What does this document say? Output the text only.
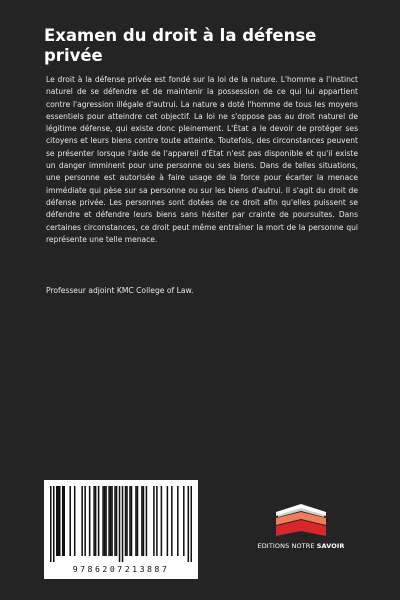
Examen du droit à la défense privée

Le droit à la défense privée est fondé sur la loi de la nature. L'homme a l'instinct naturel de se défendre et de maintenir la possession de ce qui lui appartient contre l'agression illégale d'autrui. La nature a doté l'homme de tous les moyens essentiels pour atteindre cet objectif. La loi ne s'oppose pas au droit naturel de légitime défense, qui existe donc pleinement. L'État a le devoir de protéger ses citoyens et leurs biens contre toute atteinte. Toutefois, des circonstances peuvent se présenter lorsque l'aide de l'appareil d'État n'est pas disponible et qu'il existe un danger imminent pour une personne ou ses biens. Dans de telles situations, une personne est autorisée à faire usage de la force pour écarter la menace immédiate qui pèse sur sa personne ou sur les biens d'autrui. Il s'agit du droit de défense privée. Les personnes sont dotées de ce droit afin qu'elles puissent se défendre et défendre leurs biens sans hésiter par crainte de poursuites. Dans certaines circonstances, ce droit peut même entraîner la mort de la personne qui représente une telle menace.

Professeur adjoint KMC College of Law.

9786207213887
EDITIONS NOTRE SAVOIR
